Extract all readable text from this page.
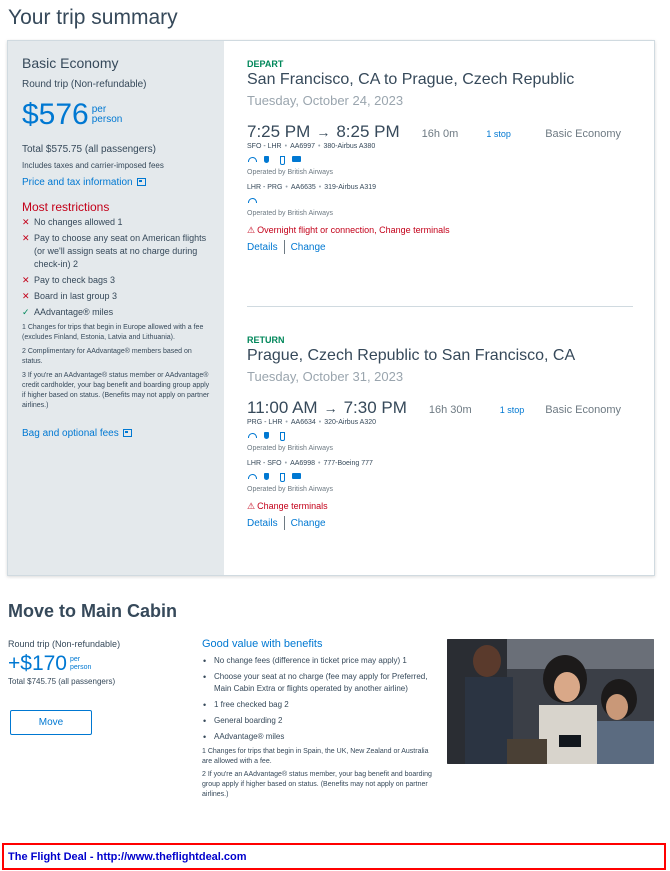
Your trip summary
Basic Economy
Round trip (Non-refundable)
$576 per
person
Total $575.75 (all passengers)
Includes taxes and carrier-imposed fees
Price and tax information
Most restrictions
✕ No changes allowed 1
✕ Pay to choose any seat on American flights (or we'll assign seats at no charge during check-in) 2
✕ Pay to check bags 3
✕ Board in last group 3
✓ AAdvantage® miles
1 Changes for trips that begin in Europe allowed with a fee (excludes Finland, Estonia, Latvia and Lithuania).
2 Complimentary for AAdvantage® members based on status.
3 If you're an AAdvantage® status member or AAdvantage® credit cardholder, your bag benefit and boarding group apply if higher based on status. (Benefits may not apply on partner airlines.)
Bag and optional fees
DEPART
San Francisco, CA to Prague, Czech Republic
Tuesday, October 24, 2023
7:25 PM → 8:25 PM 16h 0m	1 stop	Basic Economy
SFO - LHR • AA6997 • 380-Airbus A380
Operated by British Airways
LHR - PRG • AA6635 • 319-Airbus A319
Operated by British Airways
⚠ Overnight flight or connection, Change terminals
Details Change
RETURN
Prague, Czech Republic to San Francisco, CA
Tuesday, October 31, 2023
11:00 AM → 7:30 PM 16h 30m	1 stop Basic Economy
PRG - LHR • AA6634 • 320-Airbus A320
Operated by British Airways
LHR - SFO • AA6998 • 777-Boeing 777
Operated by British Airways
⚠ Change terminals
Details Change
Move to Main Cabin
Round trip (Non-refundable)
+$170 per
person
Total $745.75 (all passengers)
Move
Good value with benefits
• No change fees (difference in ticket price may apply) 1
• Choose your seat at no charge (fee may apply for Preferred, Main Cabin Extra or flights operated by another airline)
• 1 free checked bag 2
• General boarding 2
• AAdvantage® miles
1 Changes for trips that begin in Spain, the UK, New Zealand or Australia are allowed with a fee.
2 If you're an AAdvantage® status member, your bag benefit and boarding group apply if higher based on status. (Benefits may not apply on partner airlines.)
The Flight Deal - http://www.theflightdeal.com
